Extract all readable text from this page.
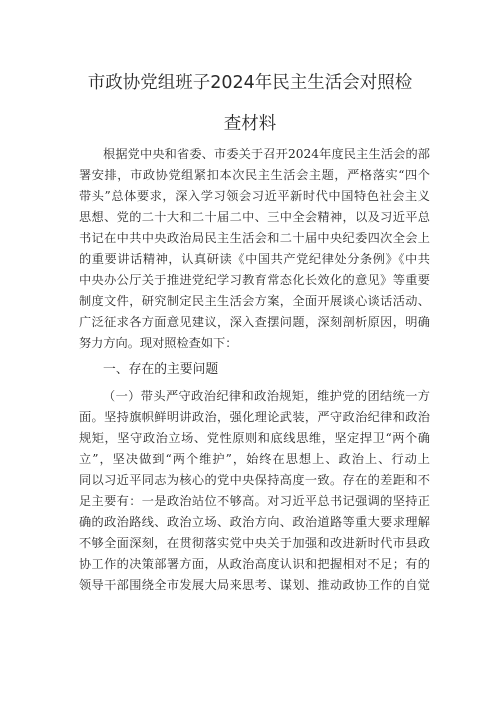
市政协党组班子2024年民主生活会对照检
查材料
根据党中央和省委、市委关于召开2024年度民主生活会的部
署安排，市政协党组紧扣本次民主生活会主题，严格落实“四个
带头”总体要求，深入学习领会习近平新时代中国特色社会主义
思想、党的二十大和二十届二中、三中全会精神，以及习近平总
书记在中共中央政治局民主生活会和二十届中央纪委四次全会上
的重要讲话精神，认真研读《中国共产党纪律处分条例》《中共
中央办公厅关于推进党纪学习教育常态化长效化的意见》等重要
制度文件，研究制定民主生活会方案，全面开展谈心谈话活动、
广泛征求各方面意见建议，深入查摆问题，深刻剖析原因，明确
努力方向。现对照检查如下：
一、存在的主要问题
（一）带头严守政治纪律和政治规矩，维护党的团结统一方
面。坚持旗帜鲜明讲政治，强化理论武装，严守政治纪律和政治
规矩，坚守政治立场、党性原则和底线思维，坚定捍卫“两个确
立”，坚决做到“两个维护”，始终在思想上、政治上、行动上
同以习近平同志为核心的党中央保持高度一致。存在的差距和不
足主要有：一是政治站位不够高。对习近平总书记强调的坚持正
确的政治路线、政治立场、政治方向、政治道路等重大要求理解
不够全面深刻，在贯彻落实党中央关于加强和改进新时代市县政
协工作的决策部署方面，从政治高度认识和把握相对不足；有的
领导干部围绕全市发展大局来思考、谋划、推动政协工作的自觉
